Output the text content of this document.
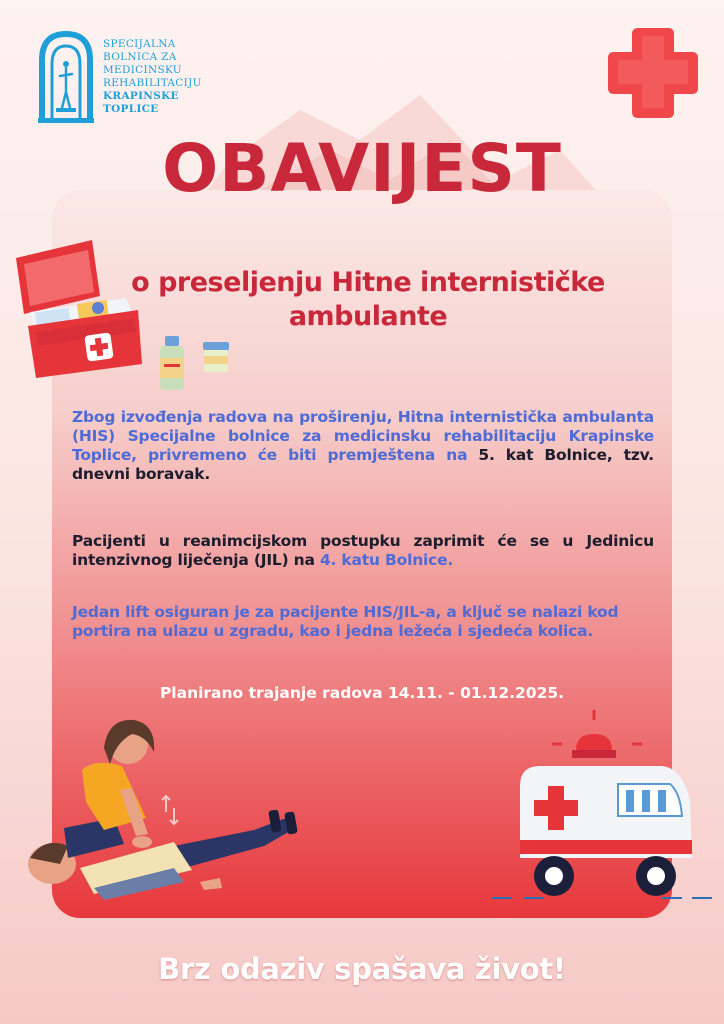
SPECIJALNA
BOLNICA ZA
MEDICINSKU
REHABILITACIJU
KRAPINSKE
TOPLICE
OBAVIJEST
o preseljenju Hitne internističke
ambulante
Zbog izvođenja radova na proširenju, Hitna internistička ambulanta (HIS) Specijalne bolnice za medicinsku rehabilitaciju Krapinske Toplice, privremeno će biti premještena na 5. kat Bolnice, tzv. dnevni boravak.
Pacijenti u reanimcijskom postupku zaprimit će se u Jedinicu intenzivnog liječenja (JIL) na 4. katu Bolnice.
Jedan lift osiguran je za pacijente HIS/JIL-a, a ključ se nalazi kod portira na ulazu u zgradu, kao i jedna ležeća i sjedeća kolica.
Planirano trajanje radova 14.11. - 01.12.2025.
Brz odaziv spašava život!
